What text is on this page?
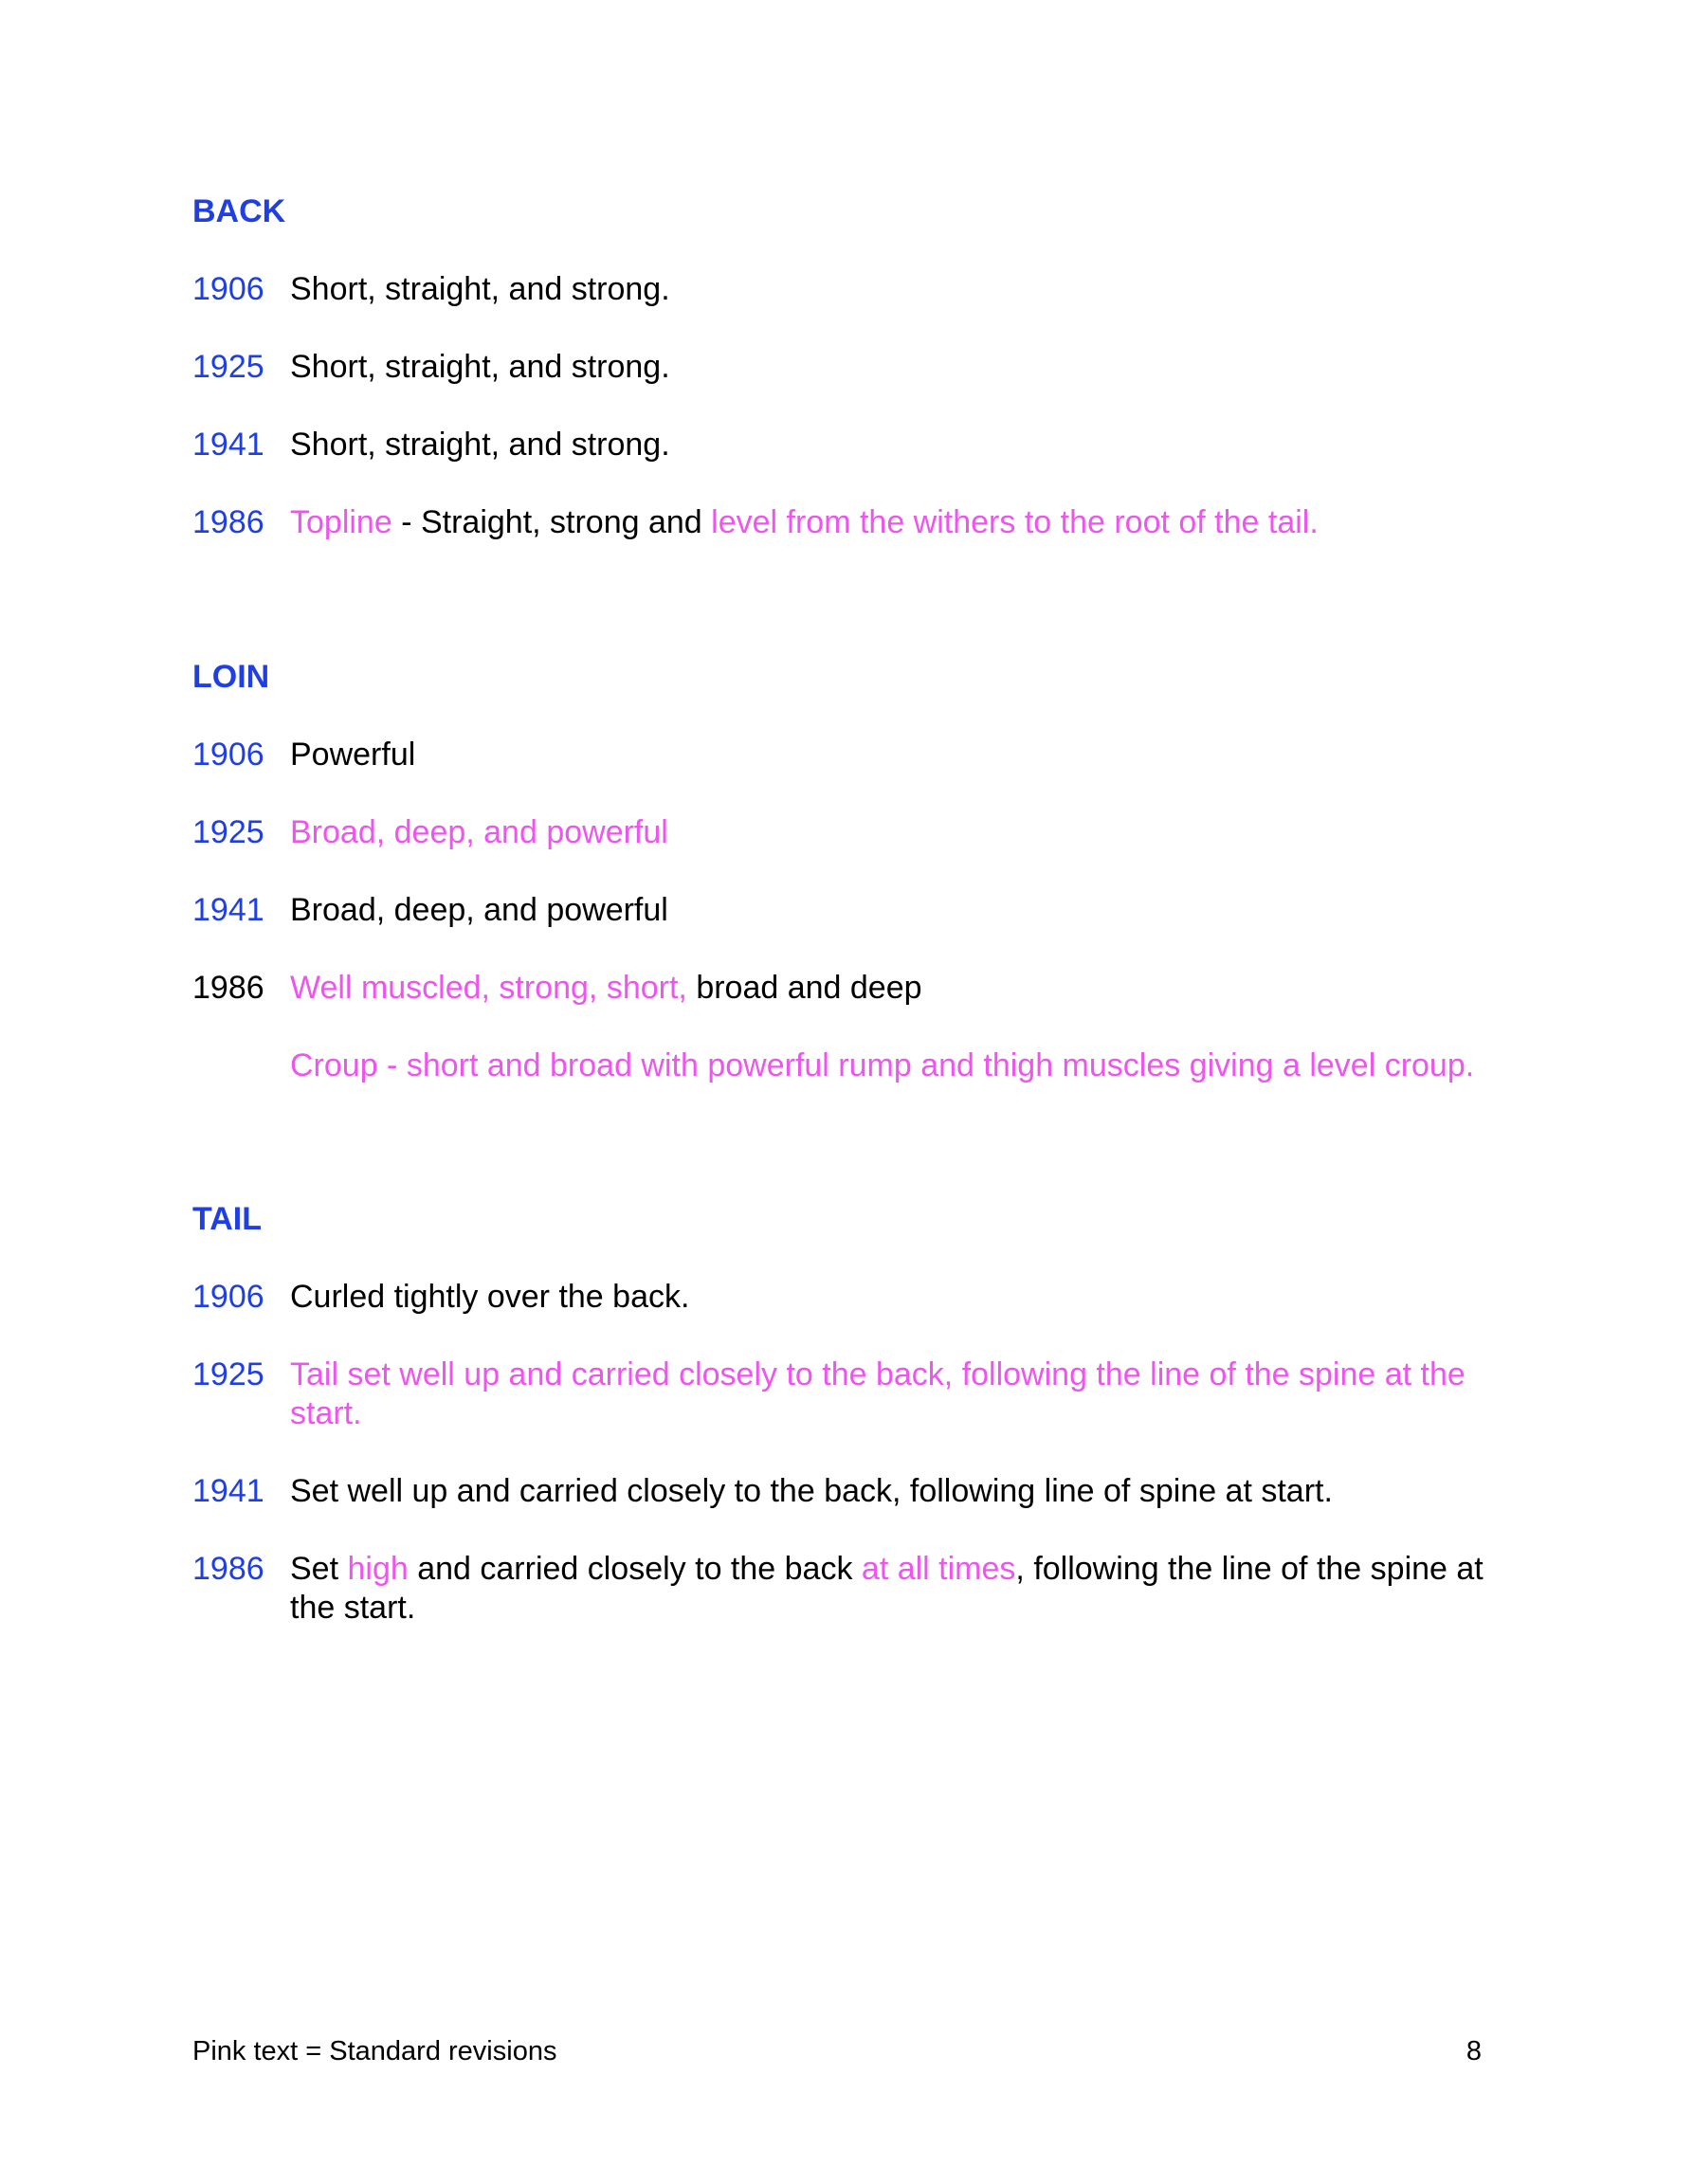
BACK
1906 Short, straight, and strong.
1925 Short, straight, and strong.
1941 Short, straight, and strong.
1986 Topline - Straight, strong and level from the withers to the root of the tail.
LOIN
1906 Powerful
1925 Broad, deep, and powerful
1941 Broad, deep, and powerful
1986 Well muscled, strong, short, broad and deep
Croup - short and broad with powerful rump and thigh muscles giving a level croup.
TAIL
1906 Curled tightly over the back.
1925 Tail set well up and carried closely to the back, following the line of the spine at the start.
1941 Set well up and carried closely to the back, following line of spine at start.
1986 Set high and carried closely to the back at all times, following the line of the spine at the start.
Pink text = Standard revisions	8
